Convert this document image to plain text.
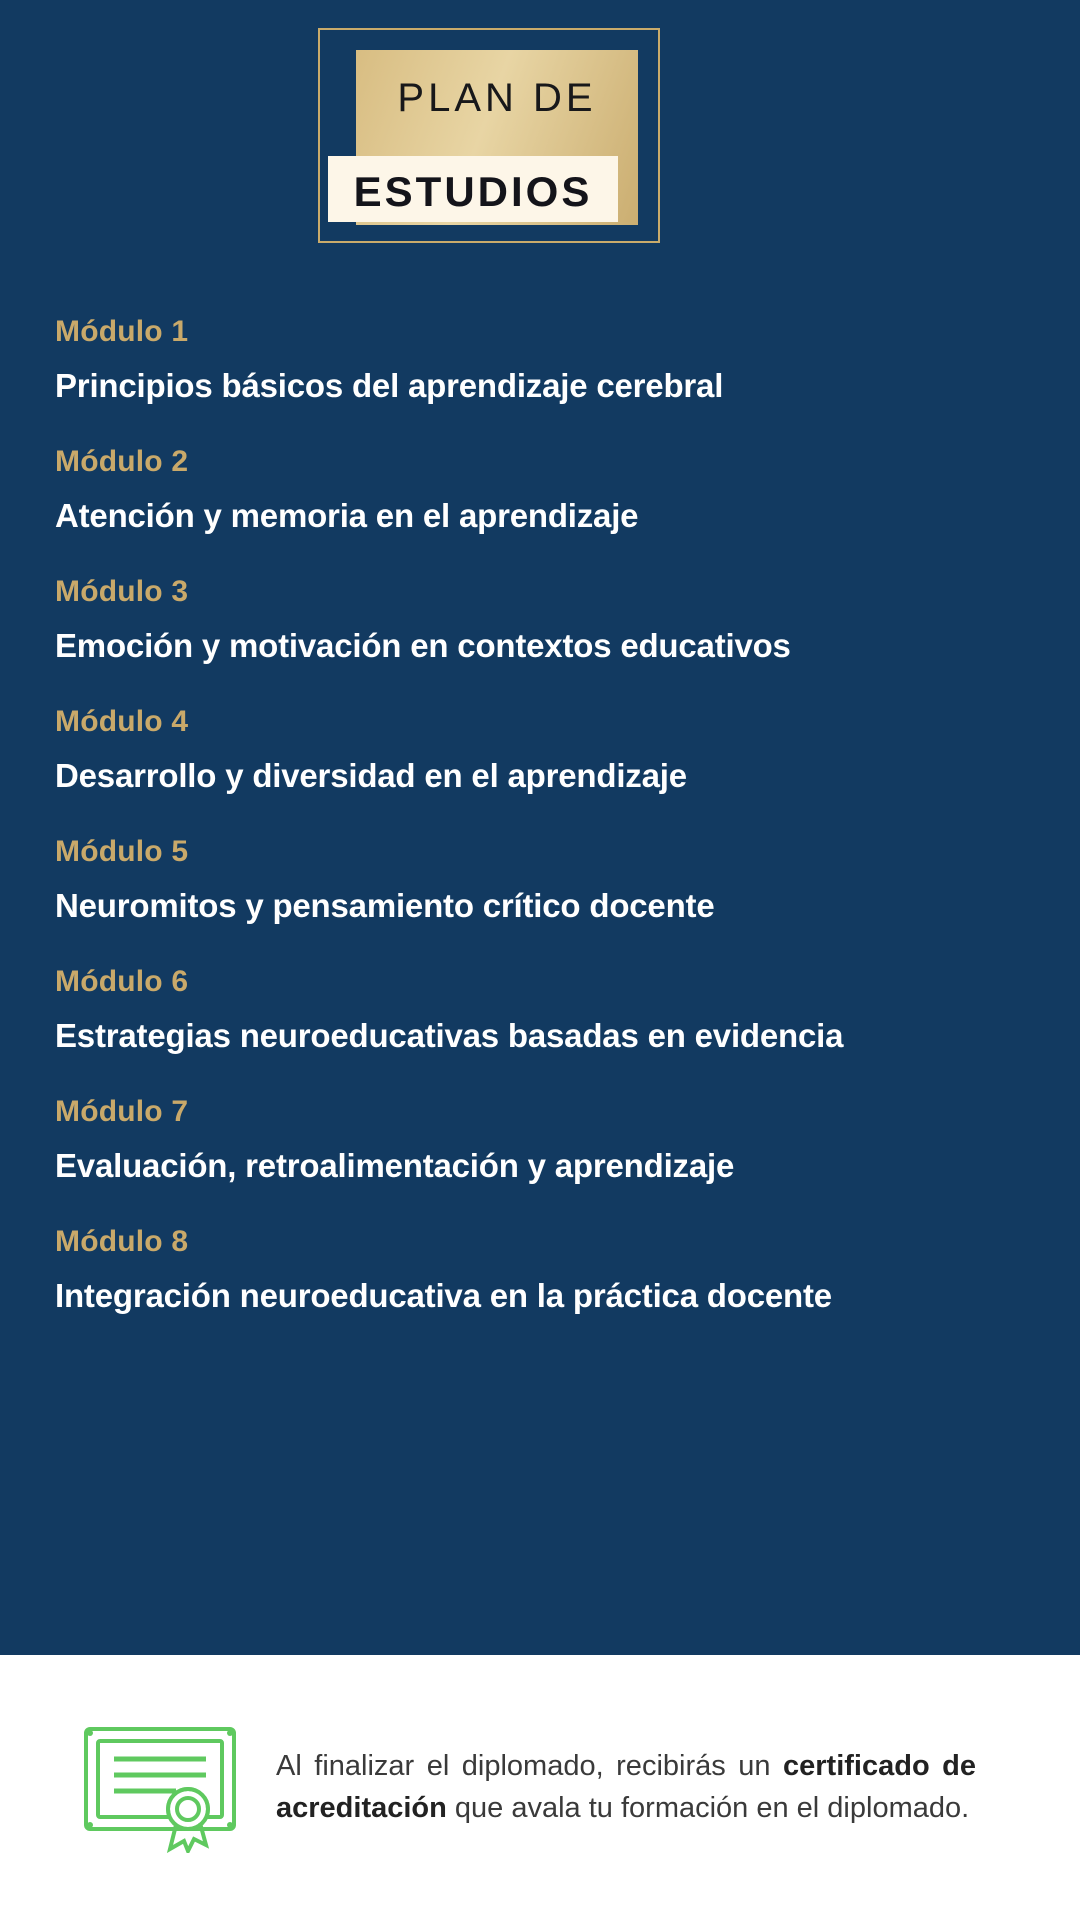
PLAN DE
ESTUDIOS
Módulo 1
Principios básicos del aprendizaje cerebral
Módulo 2
Atención y memoria en el aprendizaje
Módulo 3
Emoción y motivación en contextos educativos
Módulo 4
Desarrollo y diversidad en el aprendizaje
Módulo 5
Neuromitos y pensamiento crítico docente
Módulo 6
Estrategias neuroeducativas basadas en evidencia
Módulo 7
Evaluación, retroalimentación y aprendizaje
Módulo 8
Integración neuroeducativa en la práctica docente
Al finalizar el diplomado, recibirás un certificado de acreditación que avala tu formación en el diplomado.
